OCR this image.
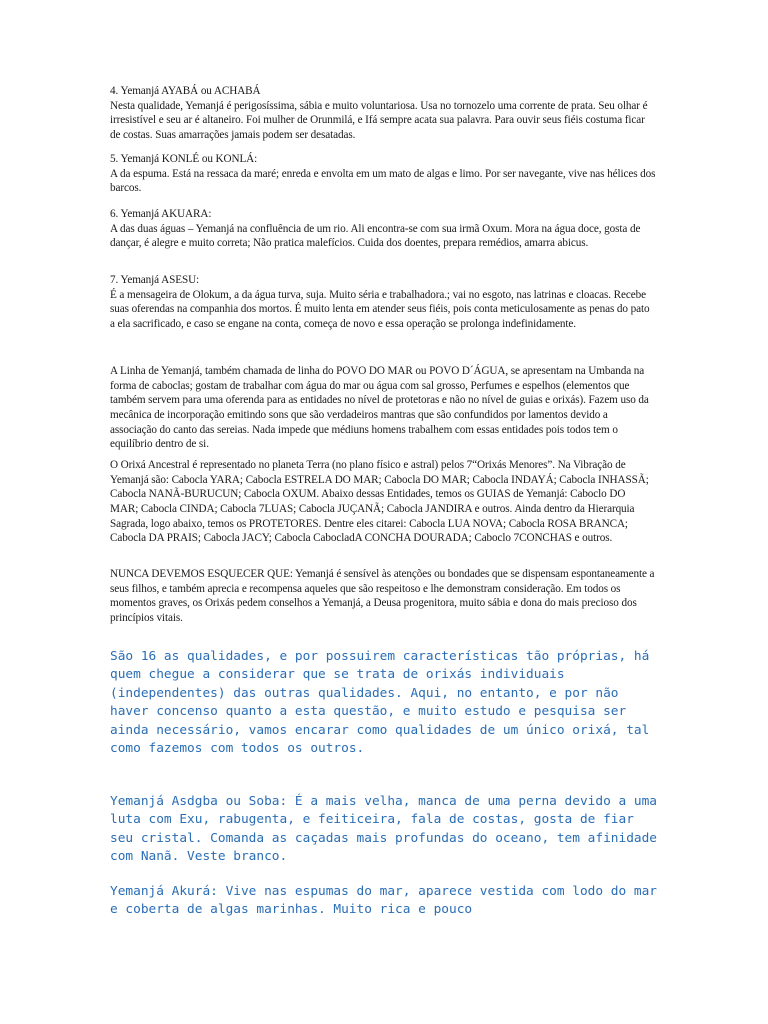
4. Yemanjá AYABÁ ou ACHABÁ
Nesta qualidade, Yemanjá é perigosíssima, sábia e muito voluntariosa. Usa no tornozelo uma corrente de prata. Seu olhar é irresistível e seu ar é altaneiro. Foi mulher de Orunmilá, e Ifá sempre acata sua palavra. Para ouvir seus fiéis costuma ficar de costas. Suas amarrações jamais podem ser desatadas.
5. Yemanjá KONLÉ ou KONLÁ:
A da espuma. Está na ressaca da maré; enreda e envolta em um mato de algas e limo. Por ser navegante, vive nas hélices dos barcos.
6. Yemanjá AKUARA:
A das duas águas – Yemanjá na confluência de um rio. Ali encontra-se com sua irmã Oxum. Mora na água doce, gosta de dançar, é alegre e muito correta; Não pratica malefícios. Cuida dos doentes, prepara remédios, amarra abicus.
7. Yemanjá ASESU:
É a mensageira de Olokum, a da água turva, suja. Muito séria e trabalhadora.; vai no esgoto, nas latrinas e cloacas. Recebe suas oferendas na companhia dos mortos. É muito lenta em atender seus fiéis, pois conta meticulosamente as penas do pato a ela sacrificado, e caso se engane na conta, começa de novo e essa operação se prolonga indefinidamente.

A Linha de Yemanjá, também chamada de linha do POVO DO MAR ou POVO D´ÁGUA, se apresentam na Umbanda na forma de caboclas; gostam de trabalhar com água do mar ou água com sal grosso, Perfumes e espelhos (elementos que também servem para uma oferenda para as entidades no nível de protetoras e não no nível de guias e orixás). Fazem uso da mecânica de incorporação emitindo sons que são verdadeiros mantras que são confundidos por lamentos devido a associação do canto das sereias. Nada impede que médiuns homens trabalhem com essas entidades pois todos tem o equilíbrio dentro de si.

O Orixá Ancestral é representado no planeta Terra (no plano físico e astral) pelos 7“Orixás Menores”. Na Vibração de Yemanjá são: Cabocla YARA; Cabocla ESTRELA DO MAR; Cabocla DO MAR; Cabocla INDAYÁ; Cabocla INHASSÃ; Cabocla NANÃ-BURUCUN; Cabocla OXUM. Abaixo dessas Entidades, temos os GUIAS de Yemanjá: Caboclo DO MAR; Cabocla CINDA; Cabocla 7LUAS; Cabocla JUÇANÃ; Cabocla JANDIRA e outros. Ainda dentro da Hierarquia Sagrada, logo abaixo, temos os PROTETORES. Dentre eles citarei: Cabocla LUA NOVA; Cabocla ROSA BRANCA; Cabocla DA PRAIS; Cabocla JACY; Cabocla CabocladA CONCHA DOURADA; Caboclo 7CONCHAS e outros.

NUNCA DEVEMOS ESQUECER QUE: Yemanjá é sensível às atenções ou bondades que se dispensam espontaneamente a seus filhos, e também aprecia e recompensa aqueles que são respeitoso e lhe demonstram consideração. Em todos os momentos graves, os Orixás pedem conselhos a Yemanjá, a Deusa progenitora, muito sábia e dona do mais precioso dos princípios vitais.

São 16 as qualidades, e por possuirem características tão próprias, há quem chegue a considerar que se trata de orixás individuais (independentes) das outras qualidades. Aqui, no entanto, e por não haver concenso quanto a esta questão, e muito estudo e pesquisa ser ainda necessário, vamos encarar como qualidades de um único orixá, tal como fazemos com todos os outros.

Yemanjá Asdgba ou Soba: É a mais velha, manca de uma perna devido a uma luta com Exu, rabugenta, e feiticeira, fala de costas, gosta de fiar seu cristal. Comanda as caçadas mais profundas do oceano, tem afinidade com Nanã. Veste branco.

Yemanjá Akurá: Vive nas espumas do mar, aparece vestida com lodo do mar e coberta de algas marinhas. Muito rica e pouco
